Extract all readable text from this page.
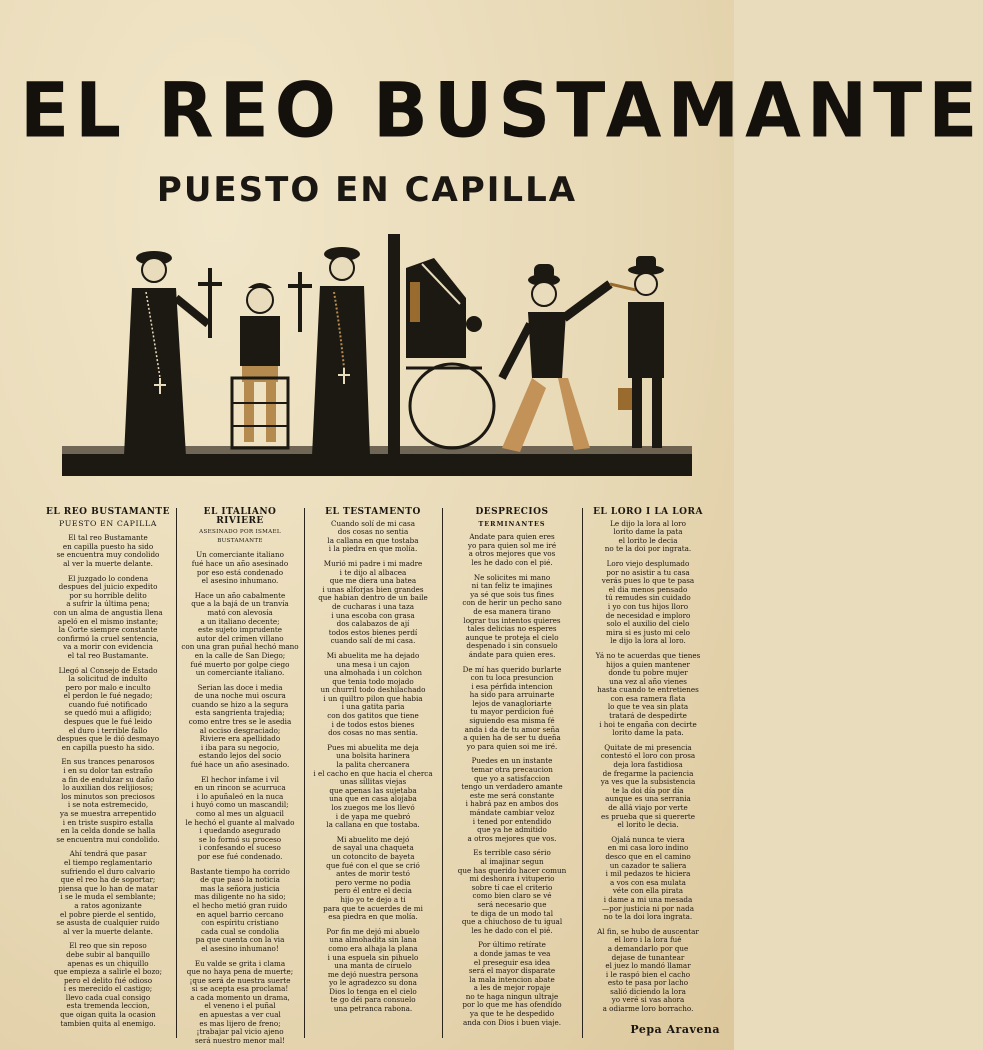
EL REO BUSTAMANTE
PUESTO EN CAPILLA
EL REO BUSTAMANTE
PUESTO EN CAPILLA
El tal reo Bustamante
en capilla puesto ha sido
se encuentra muy condolido
al ver la muerte delante.
El juzgado lo condena
despues del juicio expedito
por su horrible delito
a sufrir la última pena;
con un alma de angustia llena
apeló en el mismo instante;
la Corte siempre constante
confirmó la cruel sentencia,
va a morir con evidencia
el tal reo Bustamante.
Llegó al Consejo de Estado
la solicitud de indulto
pero por malo e inculto
el perdon le fué negado;
cuando fué notificado
se quedó mui a afligido;
despues que le fué leido
el duro i terrible fallo
despues que le dió desmayo
en capilla puesto ha sido.
En sus trances penarosos
i en su dolor tan estraño
a fin de endulzar su daño
lo auxilian dos relijiosos;
los minutos son preciosos
i se nota estremecido,
ya se muestra arrepentido
i en triste suspiro estalla
en la celda donde se halla
se encuentra mui condolido.
Ahí tendrá que pasar
el tiempo reglamentario
sufriendo el duro calvario
que el reo ha de soportar;
piensa que lo han de matar
i se le muda el semblante;
a ratos agonizante
el pobre pierde el sentido,
se asusta de cualquier ruido
al ver la muerte delante.
El reo que sin reposo
debe subir al banquillo
apenas es un chiquillo
que empieza a salirle el bozo;
pero el delito fué odioso
i es merecido el castigo;
llevo cada cual consigo
esta tremenda leccion,
que oigan quita la ocasion
tambien quita al enemigo.
EL ITALIANO RIVIERE
ASESINADO POR ISMAEL BUSTAMANTE
Un comerciante italiano
fué hace un año asesinado
por eso está condenado
el asesino inhumano.
Hace un año cabalmente
que a la bajá de un tranvía
mató con alevosía
a un italiano decente;
este sujeto imprudente
autor del crímen villano
con una gran puñal hechó mano
en la calle de San Diego;
fué muerto por golpe ciego
un comerciante italiano.
Serian las doce i media
de una noche mui oscura
cuando se hizo a la segura
esta sangrienta trajedia;
como entre tres se le asedia
al occiso desgraciado;
Riviere era apellidado
i iba para su negocio,
estando lejos del socio
fué hace un año asesinado.
El hechor infame i vil
en un rincon se acurruca
i lo apuñaleó en la nuca
i huyó como un mascandil;
como al mes un alguacil
le hechó el guante al malvado
i quedando asegurado
se lo formó su proceso
i confesando el suceso
por ese fué condenado.
Bastante tiempo ha corrido
de que pasó la noticia
mas la señora justicia
mas diligente no ha sido;
el hecho metió gran ruido
en aquel barrio cercano
con espíritu cristiano
cada cual se condolia
pa que cuenta con la via
el asesino inhumano!
Eu valde se grita i clama
que no haya pena de muerte;
¡que será de nuestra suerte
si se acepta esa proclama!
a cada momento un drama,
el veneno i el puñal
en apuestas a ver cual
es mas lijero de freno;
¡trabajar pal vicio ajeno
será nuestro menor mal!
EL TESTAMENTO
Cuando solí de mi casa
dos cosas no sentia
la callana en que tostaba
i la piedra en que molía.
Murió mi padre i mi madre
i te dijo al albacea
que me diera una batea
i unas alforjas bien grandes
que habian dentro de un baile
de cucharas i una taza
i una escoba con grasa
dos calabazos de ají
todos estos bienes perdí
cuando salí de mi casa.
Mi abuelita me ha dejado
una mesa i un cajon
una almohada i un colchon
que tenia todo mojado
un churril todo deshilachado
i un quiltro pilon que habia
i una gatita paria
con dos gatitos que tiene
i de todos estos bienes
dos cosas no mas sentia.
Pues mi abuelita me deja
una bolsita harinera
la palita chercanera
i el cacho en que hacia el cherca
unas sillitas viejas
que apenas las sujetaba
una que en casa alojaba
los zuegos me los llevó
i de yapa me quebró
la callana en que tostaba.
Mi abuelito me dejó
de sayal una chaqueta
un cotoncito de bayeta
que fué con el que se crió
antes de morir testó
pero verme no podia
pero él entre el decia
hijo yo te dejo a ti
para que te acuerdes de mi
esa piedra en que molía.
Por fin me dejó mi abuelo
una almohadita sin lana
como era alhaja la plana
i una espuela sin pihuelo
una manta de ciruelo
me dejó nuestra persona
yo le agradezco su dona
Dios lo tenga en el cielo
te go déi para consuelo
una petranca rabona.
DESPRECIOS
TERMINANTES
Andate para quien eres
yo para quien sol me iré
a otros mejores que vos
les he dado con el pié.
Ne solicites mi mano
ni tan feliz te imajines
ya sé que sois tus fines
con de herir un pecho sano
de esa manera tirano
lograr tus intentos quieres
tales delicias no esperes
aunque te proteja el cielo
despenado i sin consuelo
ándate para quien eres.
De mí has querido burlarte
con tu loca presuncion
i esa pérfida intencion
ha sido para arruinarte
lejos de vanagloriarte
tu mayor perdicion fué
siguiendo esa misma fé
anda i da de tu amor seña
a quien ha de ser tu dueña
yo para quien soi me iré.
Puedes en un instante
temar otra precaucion
que yo a satisfaccion
tengo un verdadero amante
este me será constante
i habrá paz en ambos dos
mándate cambiar veloz
i tened por entendido
que ya he admitido
a otros mejores que vos.
Es terrible caso sério
al imajinar segun
que has querido hacer comun
mi deshonra i vituperio
sobre tí cae el criterio
como bien claro se vé
será necesario que
te diga de un modo tal
que a chiuchoso de tu igual
les he dado con el pié.
Por último retírate
a donde jamas te vea
el preseguir esa idea
será el mayor disparate
la mala intencion abate
a les de mejor ropaje
no te haga ningun ultraje
por lo que me has ofendido
ya que te he despedido
anda con Dios i buen viaje.
EL LORO I LA LORA
Le dijo la lora al loro
lorito dame la pata
el lorito le decia
no te la doi por ingrata.
Loro viejo desplumado
por no asistir a tu casa
verás pues lo que te pasa
el dia menos pensado
tú remudes sin cuidado
i yo con tus hijos lloro
de necesidad e imploro
solo el auxilio del cielo
mira si es justo mi celo
le dijo la lora al loro.
Yá no te acuerdas que tienes
hijos a quien mantener
donde tu pobre mujer
una vez al año vienes
hasta cuando te entretienes
con esa ramera flata
lo que te vea sin plata
tratará de despedirte
i hoi te engaña con decirte
lorito dame la pata.
Quitate de mi presencia
contestó el loro con prosa
deja lora fastidiosa
de fregarme la paciencia
ya ves que la subsistencia
te la doi día por día
aunque es una serrania
de allá viajo por verte
es prueba que si quererte
el lorito le decia.
Ojalá nunca te viera
en mi casa loro indino
desco que en el camino
un cazador te saliera
i mil pedazos te hiciera
a vos con esa mulata
véte con ella pirata
i dame a mi una mesada
—por justicia ni por nada
no te la doi lora ingrata.
Al fin, se hubo de auscentar
el loro i la lora fué
a demandarlo por que
dejase de tunantear
el juez lo mandó llamar
i le raspó bien el cacho
esto te pasa por lacho
salió diciendo la lora
yo veré si vas ahora
a odiarme loro borracho.
Pepa Aravena
